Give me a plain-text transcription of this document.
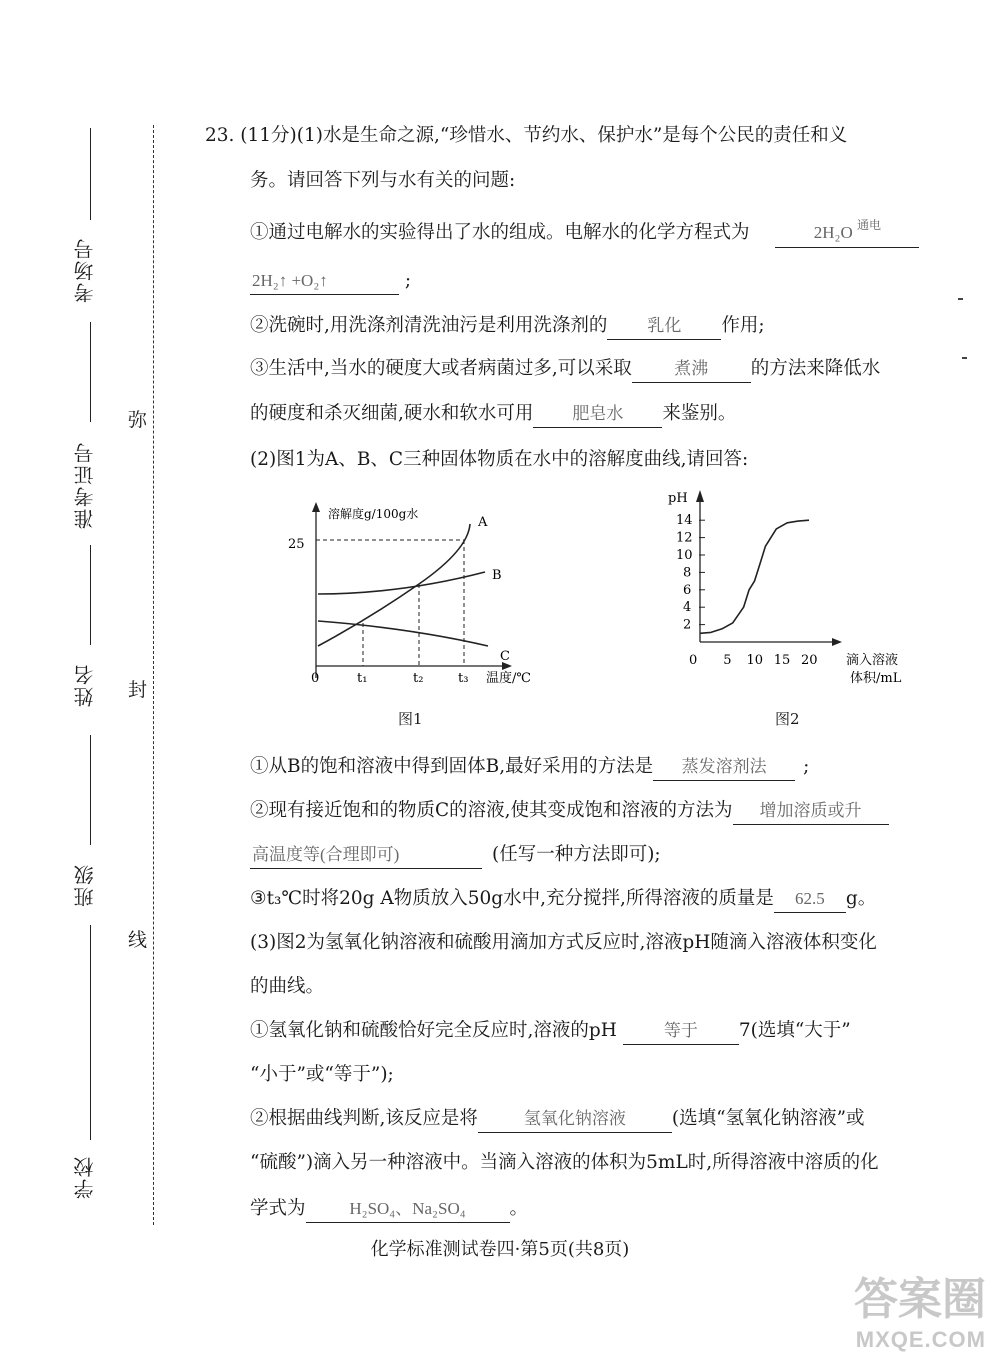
考场号
准考证号
姓名
班级
学校
弥
封
线
23. (11分)(1)水是生命之源,“珍惜水、节约水、保护水”是每个公民的责任和义
务。请回答下列与水有关的问题:
①通过电解水的实验得出了水的组成。电解水的化学方程式为	2H₂O $^{通电}$
2H₂↑ +O₂↑	;
②洗碗时,用洗涤剂清洗油污是利用洗涤剂的 乳化 作用;
③生活中,当水的硬度大或者病菌过多,可以采取	煮沸 的方法来降低水
的硬度和杀灭细菌,硬水和软水可用 肥皂水 来鉴别。
(2)图1为A、B、C三种固体物质在水中的溶解度曲线,请回答:
溶解度g/100g水
25
A
B
C
0	t₁	t₂	t₃ 温度/℃
图1
pH
0	滴入溶液
体积/mL
5 10 15 20
2
4
6
8
10
12
14
图2
①从B的饱和溶液中得到固体B,最好采用的方法是 蒸发溶剂法 ;
②现有接近饱和的物质C的溶液,使其变成饱和溶液的方法为 增加溶质或升
高温度等(合理即可)	(任写一种方法即可);
③t₃℃时将20g A物质放入50g水中,充分搅拌,所得溶液的质量是 62.5 g。
(3)图2为氢氧化钠溶液和硫酸用滴加方式反应时,溶液pH随滴入溶液体积变化
的曲线。
①氢氧化钠和硫酸恰好完全反应时,溶液的pH	等于 7(选填“大于”
“小于”或“等于”);
②根据曲线判断,该反应是将	氢氧化钠溶液 (选填“氢氧化钠溶液”或
“硫酸”)滴入另一种溶液中。当滴入溶液的体积为5mL时,所得溶液中溶质的化
学式为	H₂SO₄、Na₂SO₄ 。
化学标准测试卷四·第5页(共8页)
答案圈
MXQE.COM
